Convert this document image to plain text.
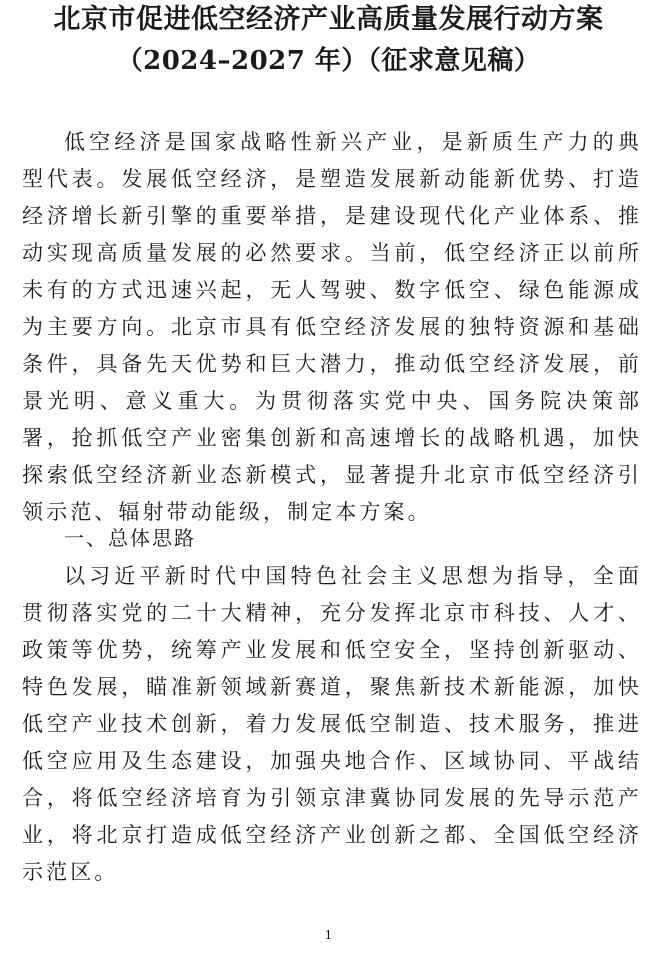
北京市促进低空经济产业高质量发展行动方案
（2024–2027 年）（征求意见稿）

低空经济是国家战略性新兴产业，是新质生产力的典型代表。发展低空经济，是塑造发展新动能新优势、打造经济增长新引擎的重要举措，是建设现代化产业体系、推动实现高质量发展的必然要求。当前，低空经济正以前所未有的方式迅速兴起，无人驾驶、数字低空、绿色能源成为主要方向。北京市具有低空经济发展的独特资源和基础条件，具备先天优势和巨大潜力，推动低空经济发展，前景光明、意义重大。为贯彻落实党中央、国务院决策部署，抢抓低空产业密集创新和高速增长的战略机遇，加快探索低空经济新业态新模式，显著提升北京市低空经济引领示范、辐射带动能级，制定本方案。

一、总体思路

以习近平新时代中国特色社会主义思想为指导，全面贯彻落实党的二十大精神，充分发挥北京市科技、人才、政策等优势，统筹产业发展和低空安全，坚持创新驱动、特色发展，瞄准新领域新赛道，聚焦新技术新能源，加快低空产业技术创新，着力发展低空制造、技术服务，推进低空应用及生态建设，加强央地合作、区域协同、平战结合，将低空经济培育为引领京津冀协同发展的先导示范产业，将北京打造成低空经济产业创新之都、全国低空经济示范区。

1
